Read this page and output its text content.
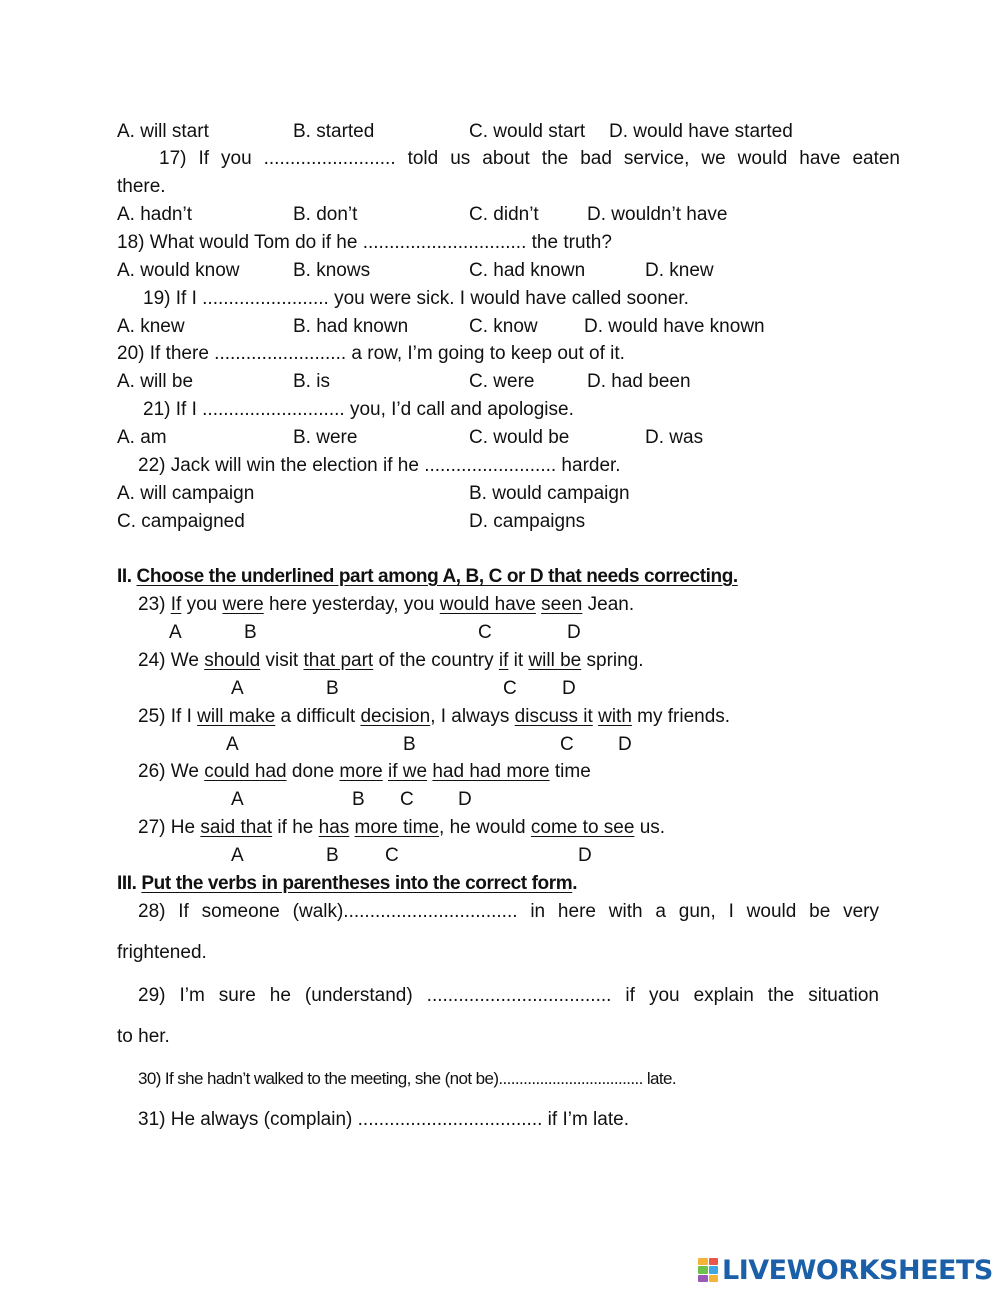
A. will start	B. started	C. would start D. would have started
17) If you ......................... told us about the bad service, we would have eaten
there.
A. hadn’t	B. don’t	C. didn’t	D. wouldn’t have
18) What would Tom do if he ............................... the truth?
A. would know	B. knows	C. had known	D. knew
19) If I ........................ you were sick. I would have called sooner.
A. knew	B. had known	C. know D. would have known
20) If there ......................... a row, I’m going to keep out of it.
A. will be	B. is	C. were	D. had been
21) If I ........................... you, I’d call and apologise.
A. am	B. were	C. would be	D. was
22) Jack will win the election if he ......................... harder.
A. will campaign	B. would campaign
C. campaigned	D. campaigns
II. Choose the underlined part among A, B, C or D that needs correcting.
23) If you were here yesterday, you would have seen Jean.
A	B	C	D
24) We should visit that part of the country if it will be spring.
A	B	C D
25) If I will make a difficult decision, I always discuss it with my friends.
A	B	C D
26) We could had done more if we had had more time
A	B C D
27) He said that if he has more time, he would come to see us.
A	B C	D
III. Put the verbs in parentheses into the correct form.
28) If someone (walk)................................. in here with a gun, I would be very
frightened.
29) I’m sure he (understand) ................................... if you explain the situation
to her.
30) If she hadn’t walked to the meeting, she (not be)................................... late.
31) He always (complain) ................................... if I’m late.
LIVEWORKSHEETS
